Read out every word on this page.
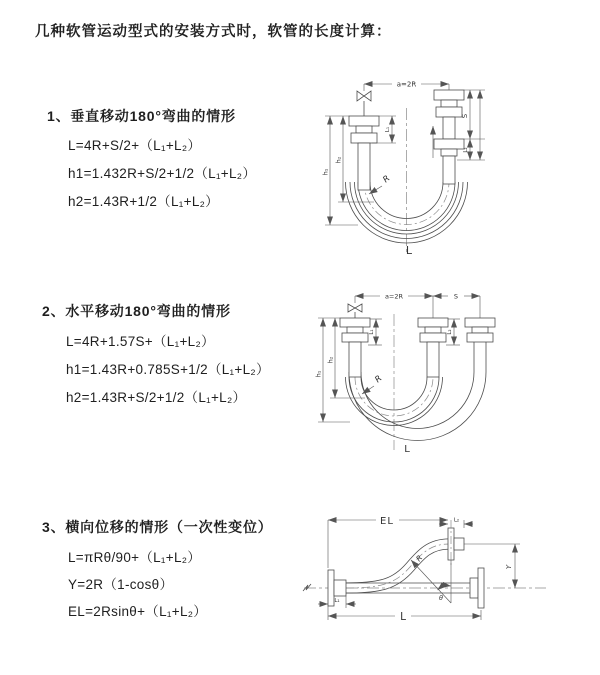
几种软管运动型式的安装方式时，软管的长度计算：
1、垂直移动180°弯曲的情形
L=4R+S/2+（L₁+L₂）
h1=1.432R+S/2+1/2（L₁+L₂）
h2=1.43R+1/2（L₁+L₂）
2、水平移动180°弯曲的情形
L=4R+1.57S+（L₁+L₂）
h1=1.43R+0.785S+1/2（L₁+L₂）
h2=1.43R+S/2+1/2（L₁+L₂）
3、横向位移的情形（一次性变位）
L=πRθ/90+（L₁+L₂）
Y=2R（1-cosθ）
EL=2Rsinθ+（L₁+L₂）
a=2R
S
L₂
L₁
h₂
h₁
R
L
a=2R	S
L₁	L₂
h₂
h₁	R
L
θ
R
EL	L₂
Y
L₁
L
